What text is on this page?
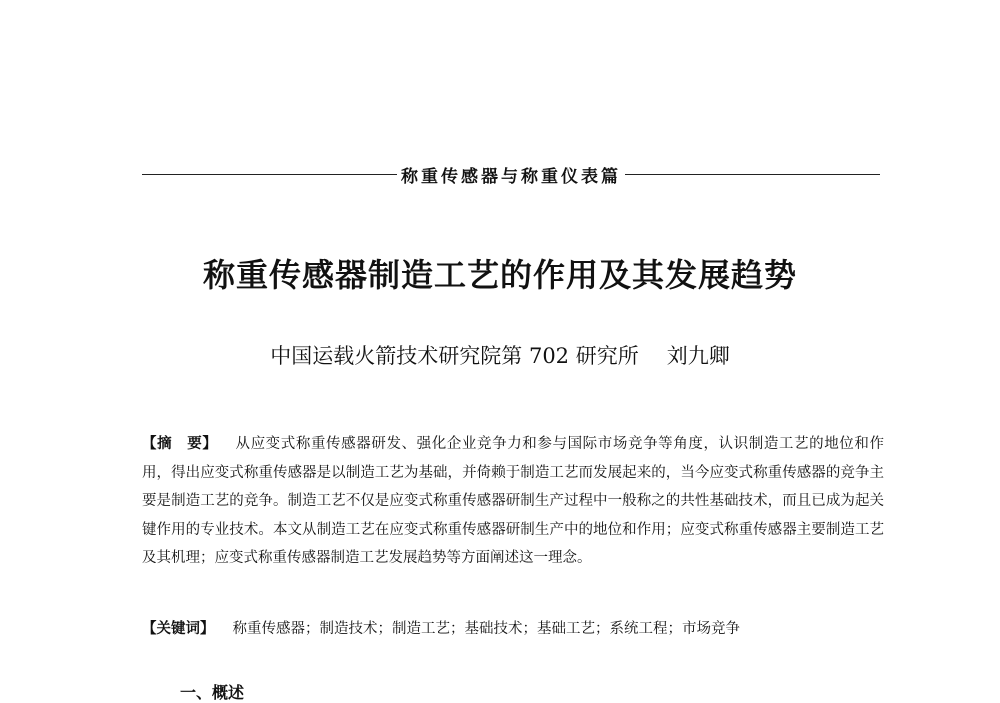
称重传感器与称重仪表篇
称重传感器制造工艺的作用及其发展趋势
中国运载火箭技术研究院第 702 研究所 刘九卿
【摘　要】 从应变式称重传感器研发、强化企业竞争力和参与国际市场竞争等角度，认识制造工艺的地位和作用，得出应变式称重传感器是以制造工艺为基础，并倚赖于制造工艺而发展起来的，当今应变式称重传感器的竞争主要是制造工艺的竞争。制造工艺不仅是应变式称重传感器研制生产过程中一般称之的共性基础技术，而且已成为起关键作用的专业技术。本文从制造工艺在应变式称重传感器研制生产中的地位和作用；应变式称重传感器主要制造工艺及其机理；应变式称重传感器制造工艺发展趋势等方面阐述这一理念。
【关键词】 称重传感器；制造技术；制造工艺；基础技术；基础工艺；系统工程；市场竞争
一、概述
